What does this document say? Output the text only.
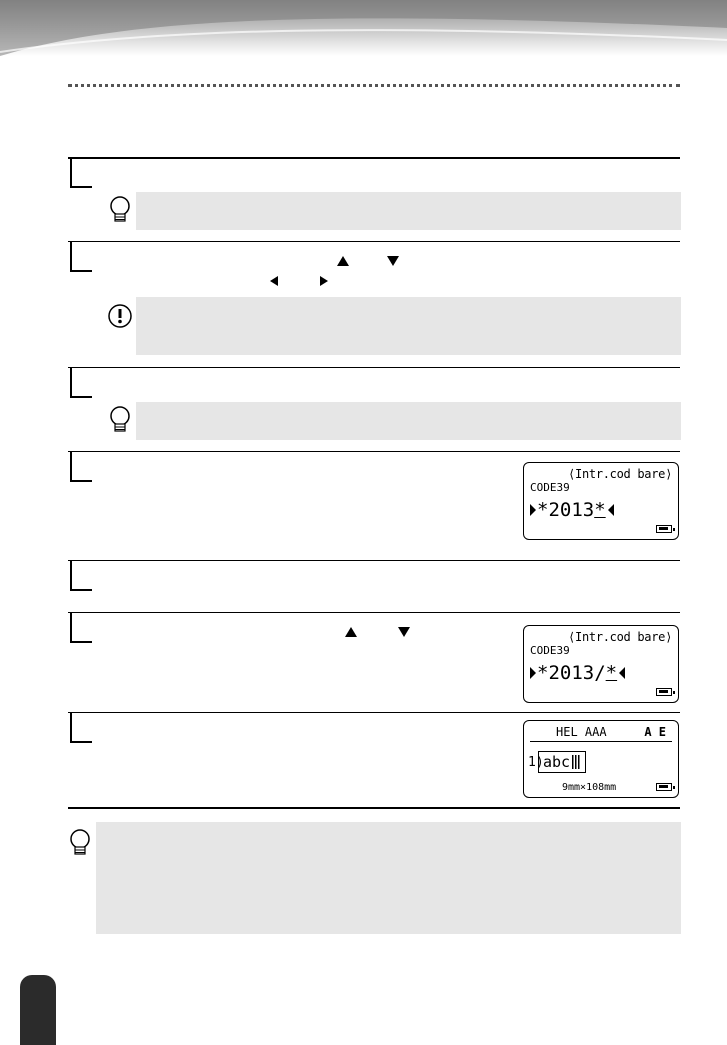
⟨Intr.cod bare⟩
CODE39
*2013 *
⟨Intr.cod bare⟩
CODE39
*2013/ *
HEL AAA	A E
1) abc
9mm×108mm
